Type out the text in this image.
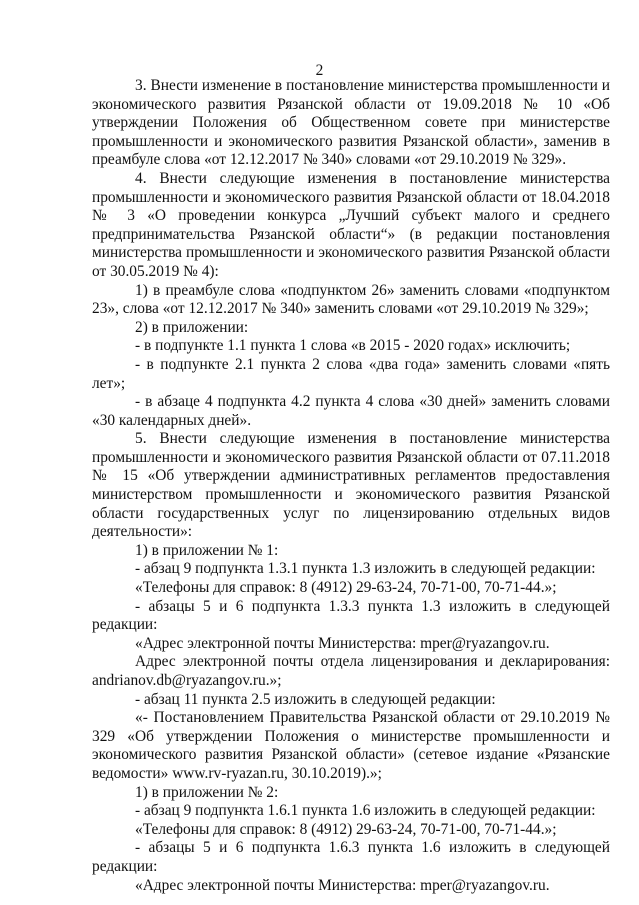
2

3. Внести изменение в постановление министерства промышленности и экономического развития Рязанской области от 19.09.2018 № 10 «Об утверждении Положения об Общественном совете при министерстве промышленности и экономического развития Рязанской области», заменив в преамбуле слова «от 12.12.2017 № 340» словами «от 29.10.2019 № 329».

4. Внести следующие изменения в постановление министерства промышленности и экономического развития Рязанской области от 18.04.2018 № 3 «О проведении конкурса „Лучший субъект малого и среднего предпринимательства Рязанской области“» (в редакции постановления министерства промышленности и экономического развития Рязанской области от 30.05.2019 № 4):

1) в преамбуле слова «подпунктом 26» заменить словами «подпунктом 23», слова «от 12.12.2017 № 340» заменить словами «от 29.10.2019 № 329»;

2) в приложении:

- в подпункте 1.1 пункта 1 слова «в 2015 - 2020 годах» исключить;

- в подпункте 2.1 пункта 2 слова «два года» заменить словами «пять лет»;

- в абзаце 4 подпункта 4.2 пункта 4 слова «30 дней» заменить словами «30 календарных дней».

5. Внести следующие изменения в постановление министерства промышленности и экономического развития Рязанской области от 07.11.2018 № 15 «Об утверждении административных регламентов предоставления министерством промышленности и экономического развития Рязанской области государственных услуг по лицензированию отдельных видов деятельности»:

1) в приложении № 1:

- абзац 9 подпункта 1.3.1 пункта 1.3 изложить в следующей редакции:

«Телефоны для справок: 8 (4912) 29-63-24, 70-71-00, 70-71-44.»;

- абзацы 5 и 6 подпункта 1.3.3 пункта 1.3 изложить в следующей редакции:

«Адрес электронной почты Министерства: mper@ryazangov.ru.

Адрес электронной почты отдела лицензирования и декларирования: andrianov.db@ryazangov.ru.»;

- абзац 11 пункта 2.5 изложить в следующей редакции:

«- Постановлением Правительства Рязанской области от 29.10.2019 № 329 «Об утверждении Положения о министерстве промышленности и экономического развития Рязанской области» (сетевое издание «Рязанские ведомости» www.rv-ryazan.ru, 30.10.2019).»;

1) в приложении № 2:

- абзац 9 подпункта 1.6.1 пункта 1.6 изложить в следующей редакции:

«Телефоны для справок: 8 (4912) 29-63-24, 70-71-00, 70-71-44.»;

- абзацы 5 и 6 подпункта 1.6.3 пункта 1.6 изложить в следующей редакции:

«Адрес электронной почты Министерства: mper@ryazangov.ru.
